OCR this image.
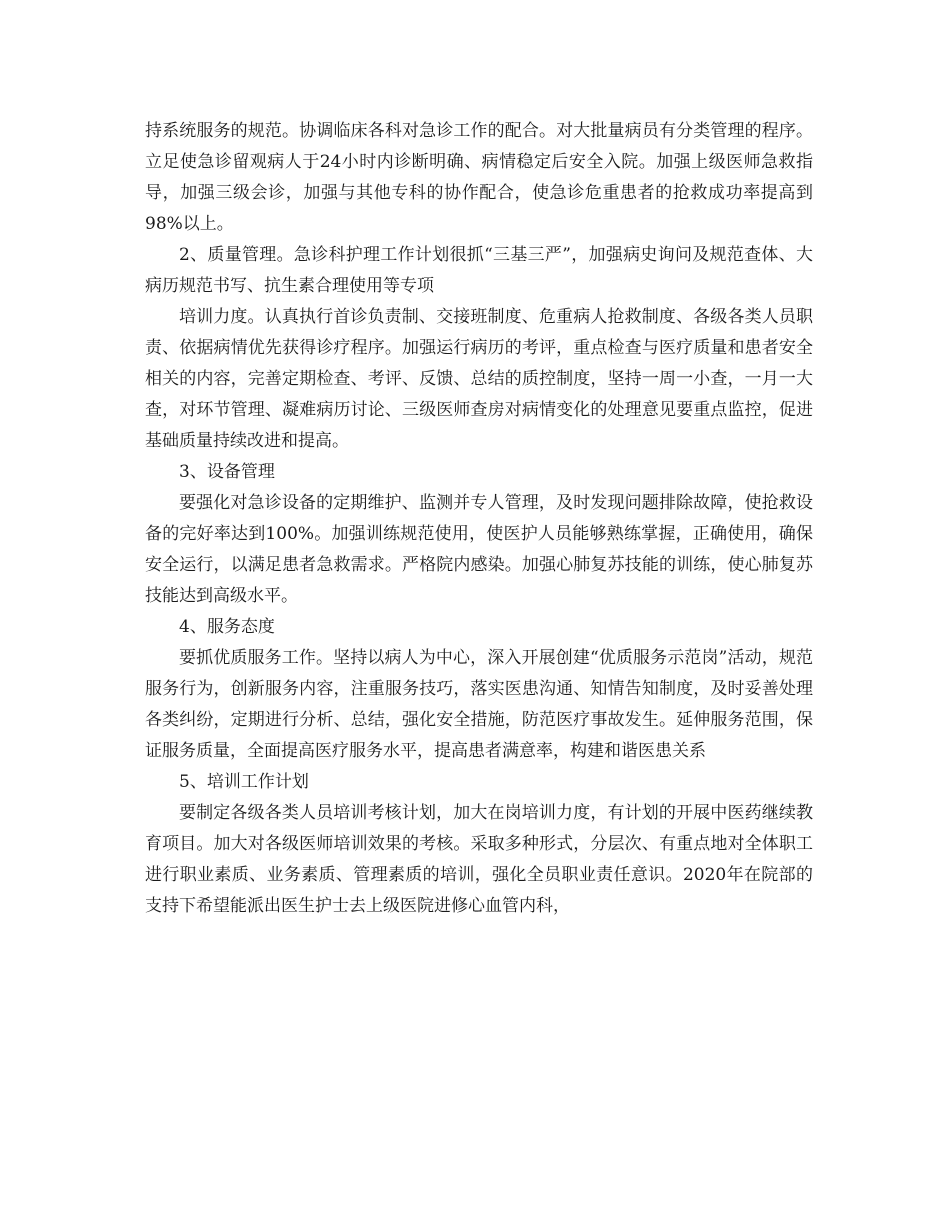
持系统服务的规范。协调临床各科对急诊工作的配合。对大批量病员有分类管理的程序。立足使急诊留观病人于24小时内诊断明确、病情稳定后安全入院。加强上级医师急救指导，加强三级会诊，加强与其他专科的协作配合，使急诊危重患者的抢救成功率提高到98%以上。

2、质量管理。急诊科护理工作计划很抓“三基三严”，加强病史询问及规范查体、大病历规范书写、抗生素合理使用等专项

培训力度。认真执行首诊负责制、交接班制度、危重病人抢救制度、各级各类人员职责、依据病情优先获得诊疗程序。加强运行病历的考评，重点检查与医疗质量和患者安全相关的内容，完善定期检查、考评、反馈、总结的质控制度，坚持一周一小查，一月一大查，对环节管理、凝难病历讨论、三级医师查房对病情变化的处理意见要重点监控，促进基础质量持续改进和提高。

3、设备管理

要强化对急诊设备的定期维护、监测并专人管理，及时发现问题排除故障，使抢救设备的完好率达到100%。加强训练规范使用，使医护人员能够熟练掌握，正确使用，确保安全运行，以满足患者急救需求。严格院内感染。加强心肺复苏技能的训练，使心肺复苏技能达到高级水平。

4、服务态度

要抓优质服务工作。坚持以病人为中心，深入开展创建“优质服务示范岗”活动，规范服务行为，创新服务内容，注重服务技巧，落实医患沟通、知情告知制度，及时妥善处理各类纠纷，定期进行分析、总结，强化安全措施，防范医疗事故发生。延伸服务范围，保证服务质量，全面提高医疗服务水平，提高患者满意率，构建和谐医患关系

5、培训工作计划

要制定各级各类人员培训考核计划，加大在岗培训力度，有计划的开展中医药继续教育项目。加大对各级医师培训效果的考核。采取多种形式，分层次、有重点地对全体职工进行职业素质、业务素质、管理素质的培训，强化全员职业责任意识。2020年在院部的支持下希望能派出医生护士去上级医院进修心血管内科，
